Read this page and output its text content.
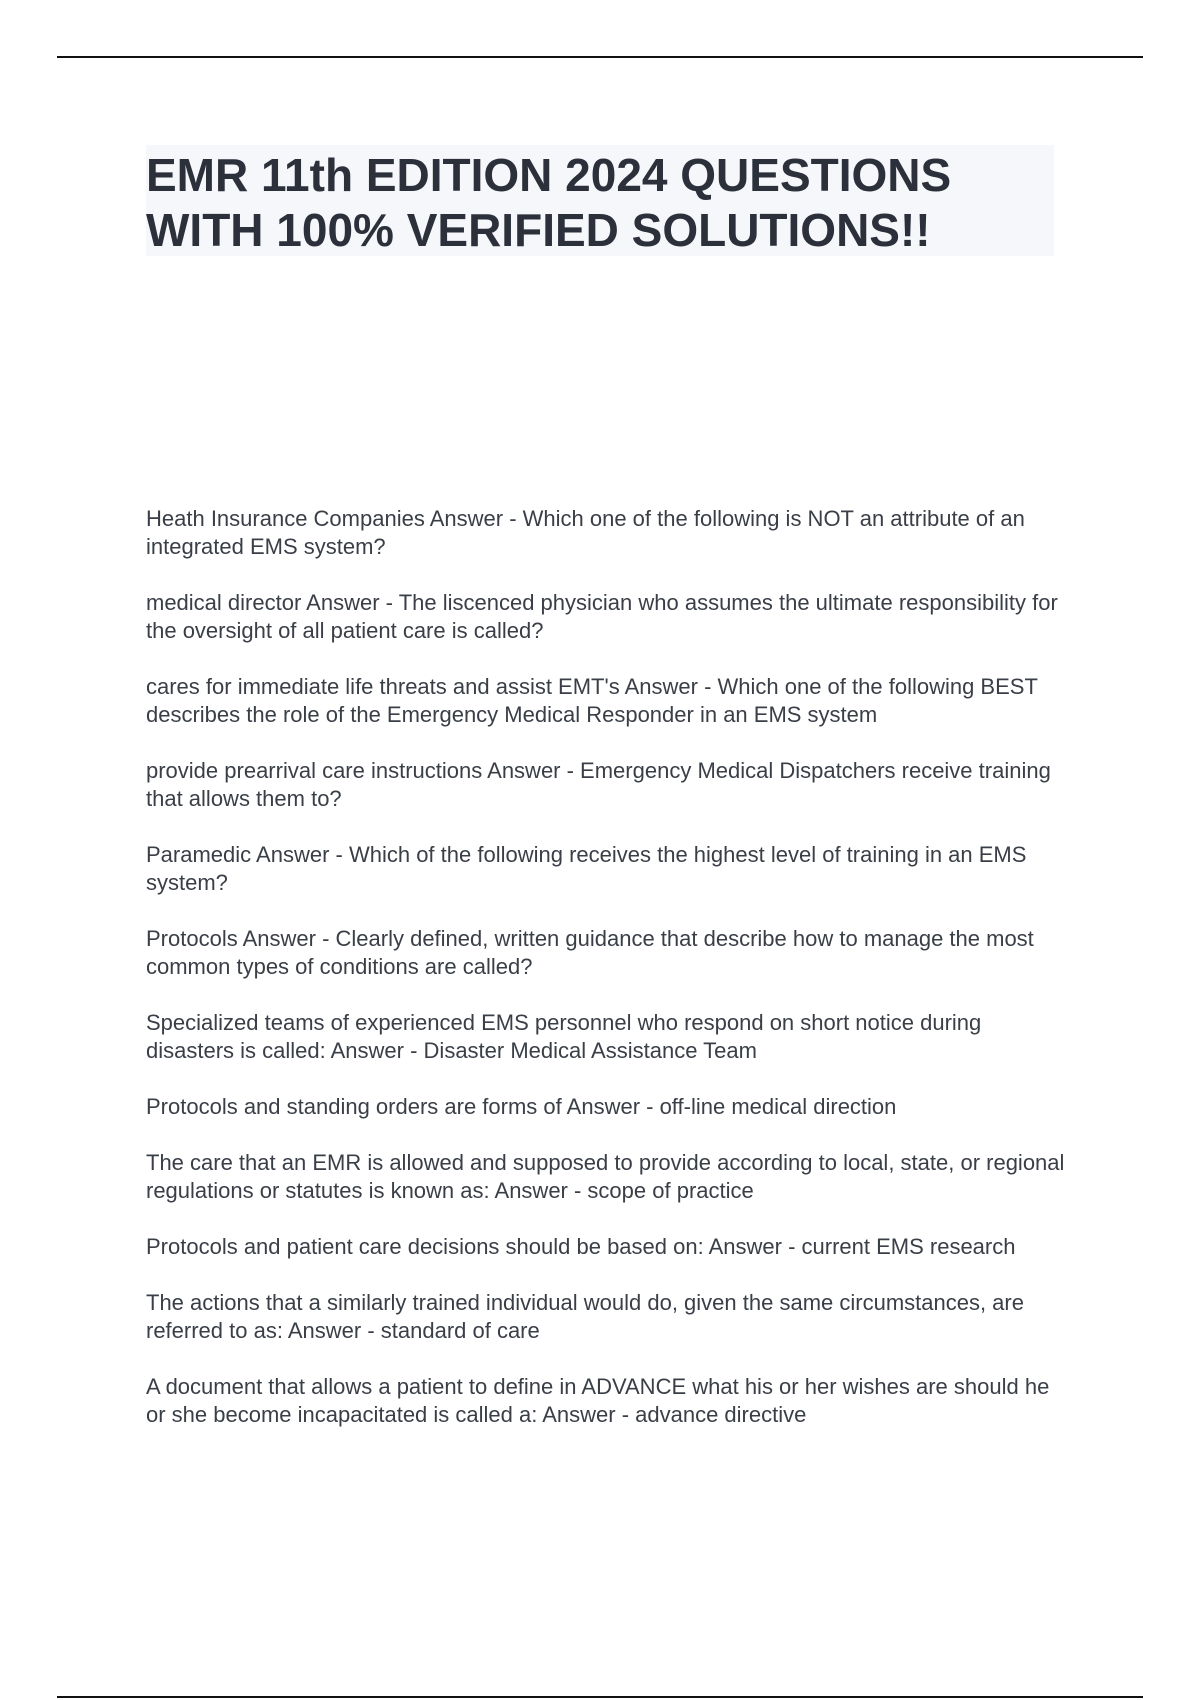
EMR 11th EDITION 2024 QUESTIONS WITH 100% VERIFIED SOLUTIONS!!
Heath Insurance Companies Answer - Which one of the following is NOT an attribute of an integrated EMS system?
medical director Answer - The liscenced physician who assumes the ultimate responsibility for the oversight of all patient care is called?
cares for immediate life threats and assist EMT's Answer - Which one of the following BEST describes the role of the Emergency Medical Responder in an EMS system
provide prearrival care instructions Answer - Emergency Medical Dispatchers receive training that allows them to?
Paramedic Answer - Which of the following receives the highest level of training in an EMS system?
Protocols Answer - Clearly defined, written guidance that describe how to manage the most common types of conditions are called?
Specialized teams of experienced EMS personnel who respond on short notice during disasters is called: Answer - Disaster Medical Assistance Team
Protocols and standing orders are forms of Answer - off-line medical direction
The care that an EMR is allowed and supposed to provide according to local, state, or regional regulations or statutes is known as: Answer - scope of practice
Protocols and patient care decisions should be based on: Answer - current EMS research
The actions that a similarly trained individual would do, given the same circumstances, are referred to as: Answer - standard of care
A document that allows a patient to define in ADVANCE what his or her wishes are should he or she become incapacitated is called a: Answer - advance directive
